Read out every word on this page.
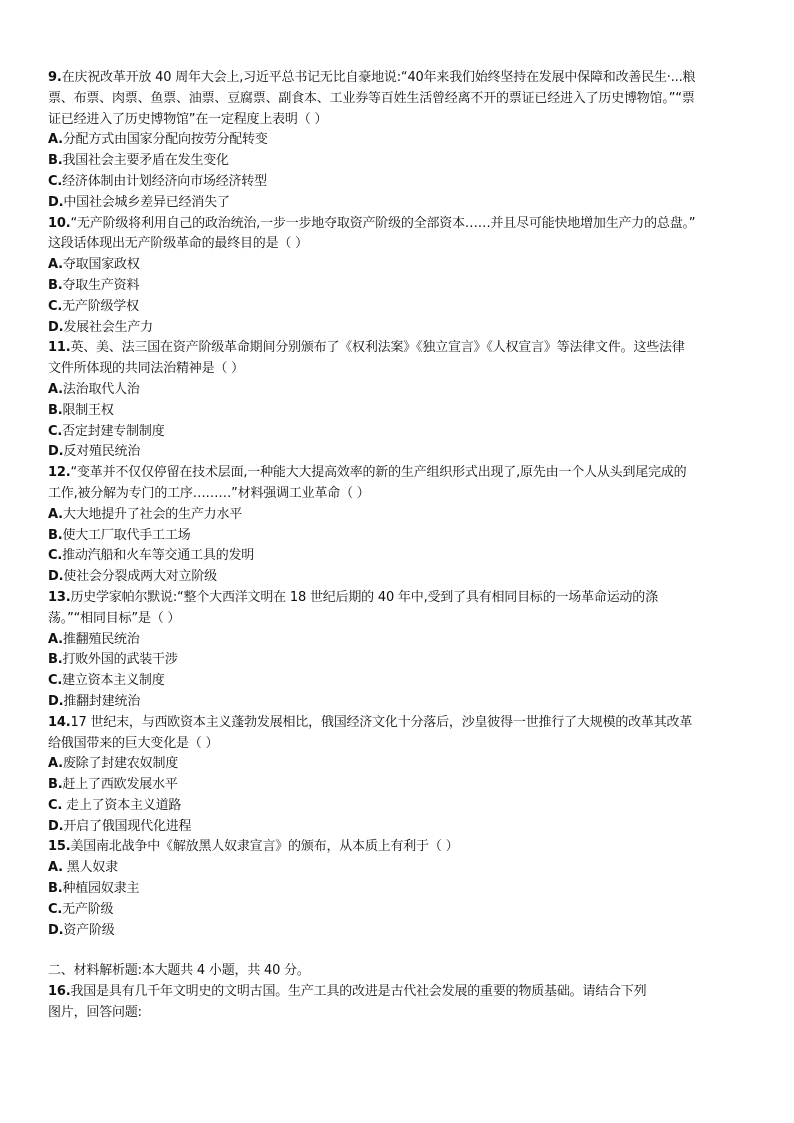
9.在庆祝改革开放 40 周年大会上,习近平总书记无比自豪地说:“40年来我们始终坚持在发展中保障和改善民生·...粮
票、布票、肉票、鱼票、油票、豆腐票、副食本、工业券等百姓生活曾经离不开的票证已经进入了历史博物馆。”“票
证已经进入了历史博物馆”在一定程度上表明（ ）
A.分配方式由国家分配向按劳分配转变
B.我国社会主要矛盾在发生变化
C.经济体制由计划经济向市场经济转型
D.中国社会城乡差异已经消失了
10.“无产阶级将利用自己的政治统治,一步一步地夺取资产阶级的全部资本……并且尽可能快地增加生产力的总盘。”
这段话体现出无产阶级革命的最终目的是（ ）
A.夺取国家政权
B.夺取生产资料
C.无产阶级学权
D.发展社会生产力
11.英、美、法三国在资产阶级革命期间分别颁布了《权利法案》《独立宣言》《人权宣言》等法律文件。这些法律
文件所体现的共同法治精神是（ ）
A.法治取代人治
B.限制王权
C.否定封建专制制度
D.反对殖民统治
12.“变革并不仅仅停留在技术层面,一种能大大提高效率的新的生产组织形式出现了,原先由一个人从头到尾完成的
工作,被分解为专门的工序………”材料强调工业革命（ ）
A.大大地提升了社会的生产力水平
B.使大工厂取代手工工场
C.推动汽船和火车等交通工具的发明
D.使社会分裂成两大对立阶级
13.历史学家帕尔默说:“整个大西洋文明在 18 世纪后期的 40 年中,受到了具有相同目标的一场革命运动的涤
荡。”“相同目标”是（ ）
A.推翻殖民统治
B.打败外国的武装干涉
C.建立资本主义制度
D.推翻封建统治
14.17 世纪末，与西欧资本主义蓬勃发展相比，俄国经济文化十分落后，沙皇彼得一世推行了大规模的改革其改革
给俄国带来的巨大变化是（ ）
A.废除了封建农奴制度
B.赶上了西欧发展水平
C. 走上了资本主义道路
D.开启了俄国现代化进程
15.美国南北战争中《解放黑人奴隶宣言》的颁布，从本质上有利于（ ）
A. 黑人奴隶
B.种植园奴隶主
C.无产阶级
D.资产阶级
二、材料解析题:本大题共 4 小题，共 40 分。
16.我国是具有几千年文明史的文明古国。生产工具的改进是古代社会发展的重要的物质基础。请结合下列
图片，回答问题:
